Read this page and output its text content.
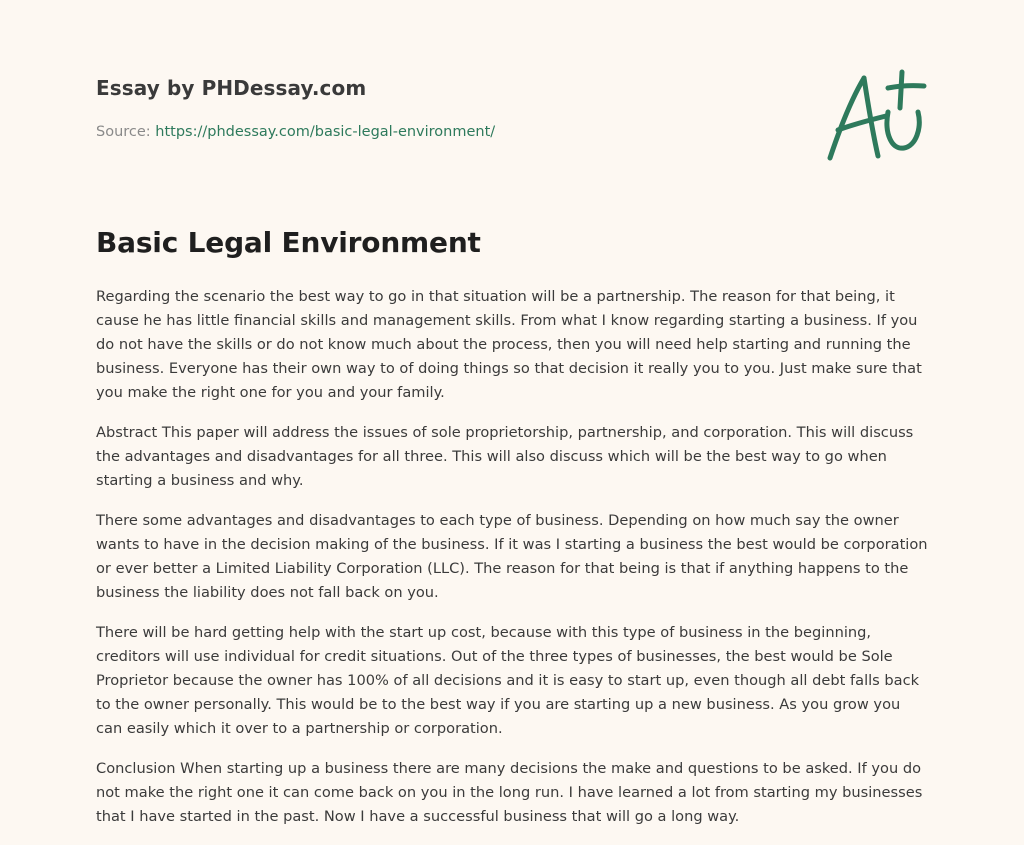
Essay by PHDessay.com

Source: https://phdessay.com/basic-legal-environment/

Basic Legal Environment

Regarding the scenario the best way to go in that situation will be a partnership. The reason for that being, it cause he has little financial skills and management skills. From what I know regarding starting a business. If you do not have the skills or do not know much about the process, then you will need help starting and running the business. Everyone has their own way to of doing things so that decision it really you to you. Just make sure that you make the right one for you and your family.

Abstract This paper will address the issues of sole proprietorship, partnership, and corporation. This will discuss the advantages and disadvantages for all three. This will also discuss which will be the best way to go when starting a business and why.

There some advantages and disadvantages to each type of business. Depending on how much say the owner wants to have in the decision making of the business. If it was I starting a business the best would be corporation or ever better a Limited Liability Corporation (LLC). The reason for that being is that if anything happens to the business the liability does not fall back on you.

There will be hard getting help with the start up cost, because with this type of business in the beginning, creditors will use individual for credit situations. Out of the three types of businesses, the best would be Sole Proprietor because the owner has 100% of all decisions and it is easy to start up, even though all debt falls back to the owner personally. This would be to the best way if you are starting up a new business. As you grow you can easily which it over to a partnership or corporation.

Conclusion When starting up a business there are many decisions the make and questions to be asked. If you do not make the right one it can come back on you in the long run. I have learned a lot from starting my businesses that I have started in the past. Now I have a successful business that will go a long way.
